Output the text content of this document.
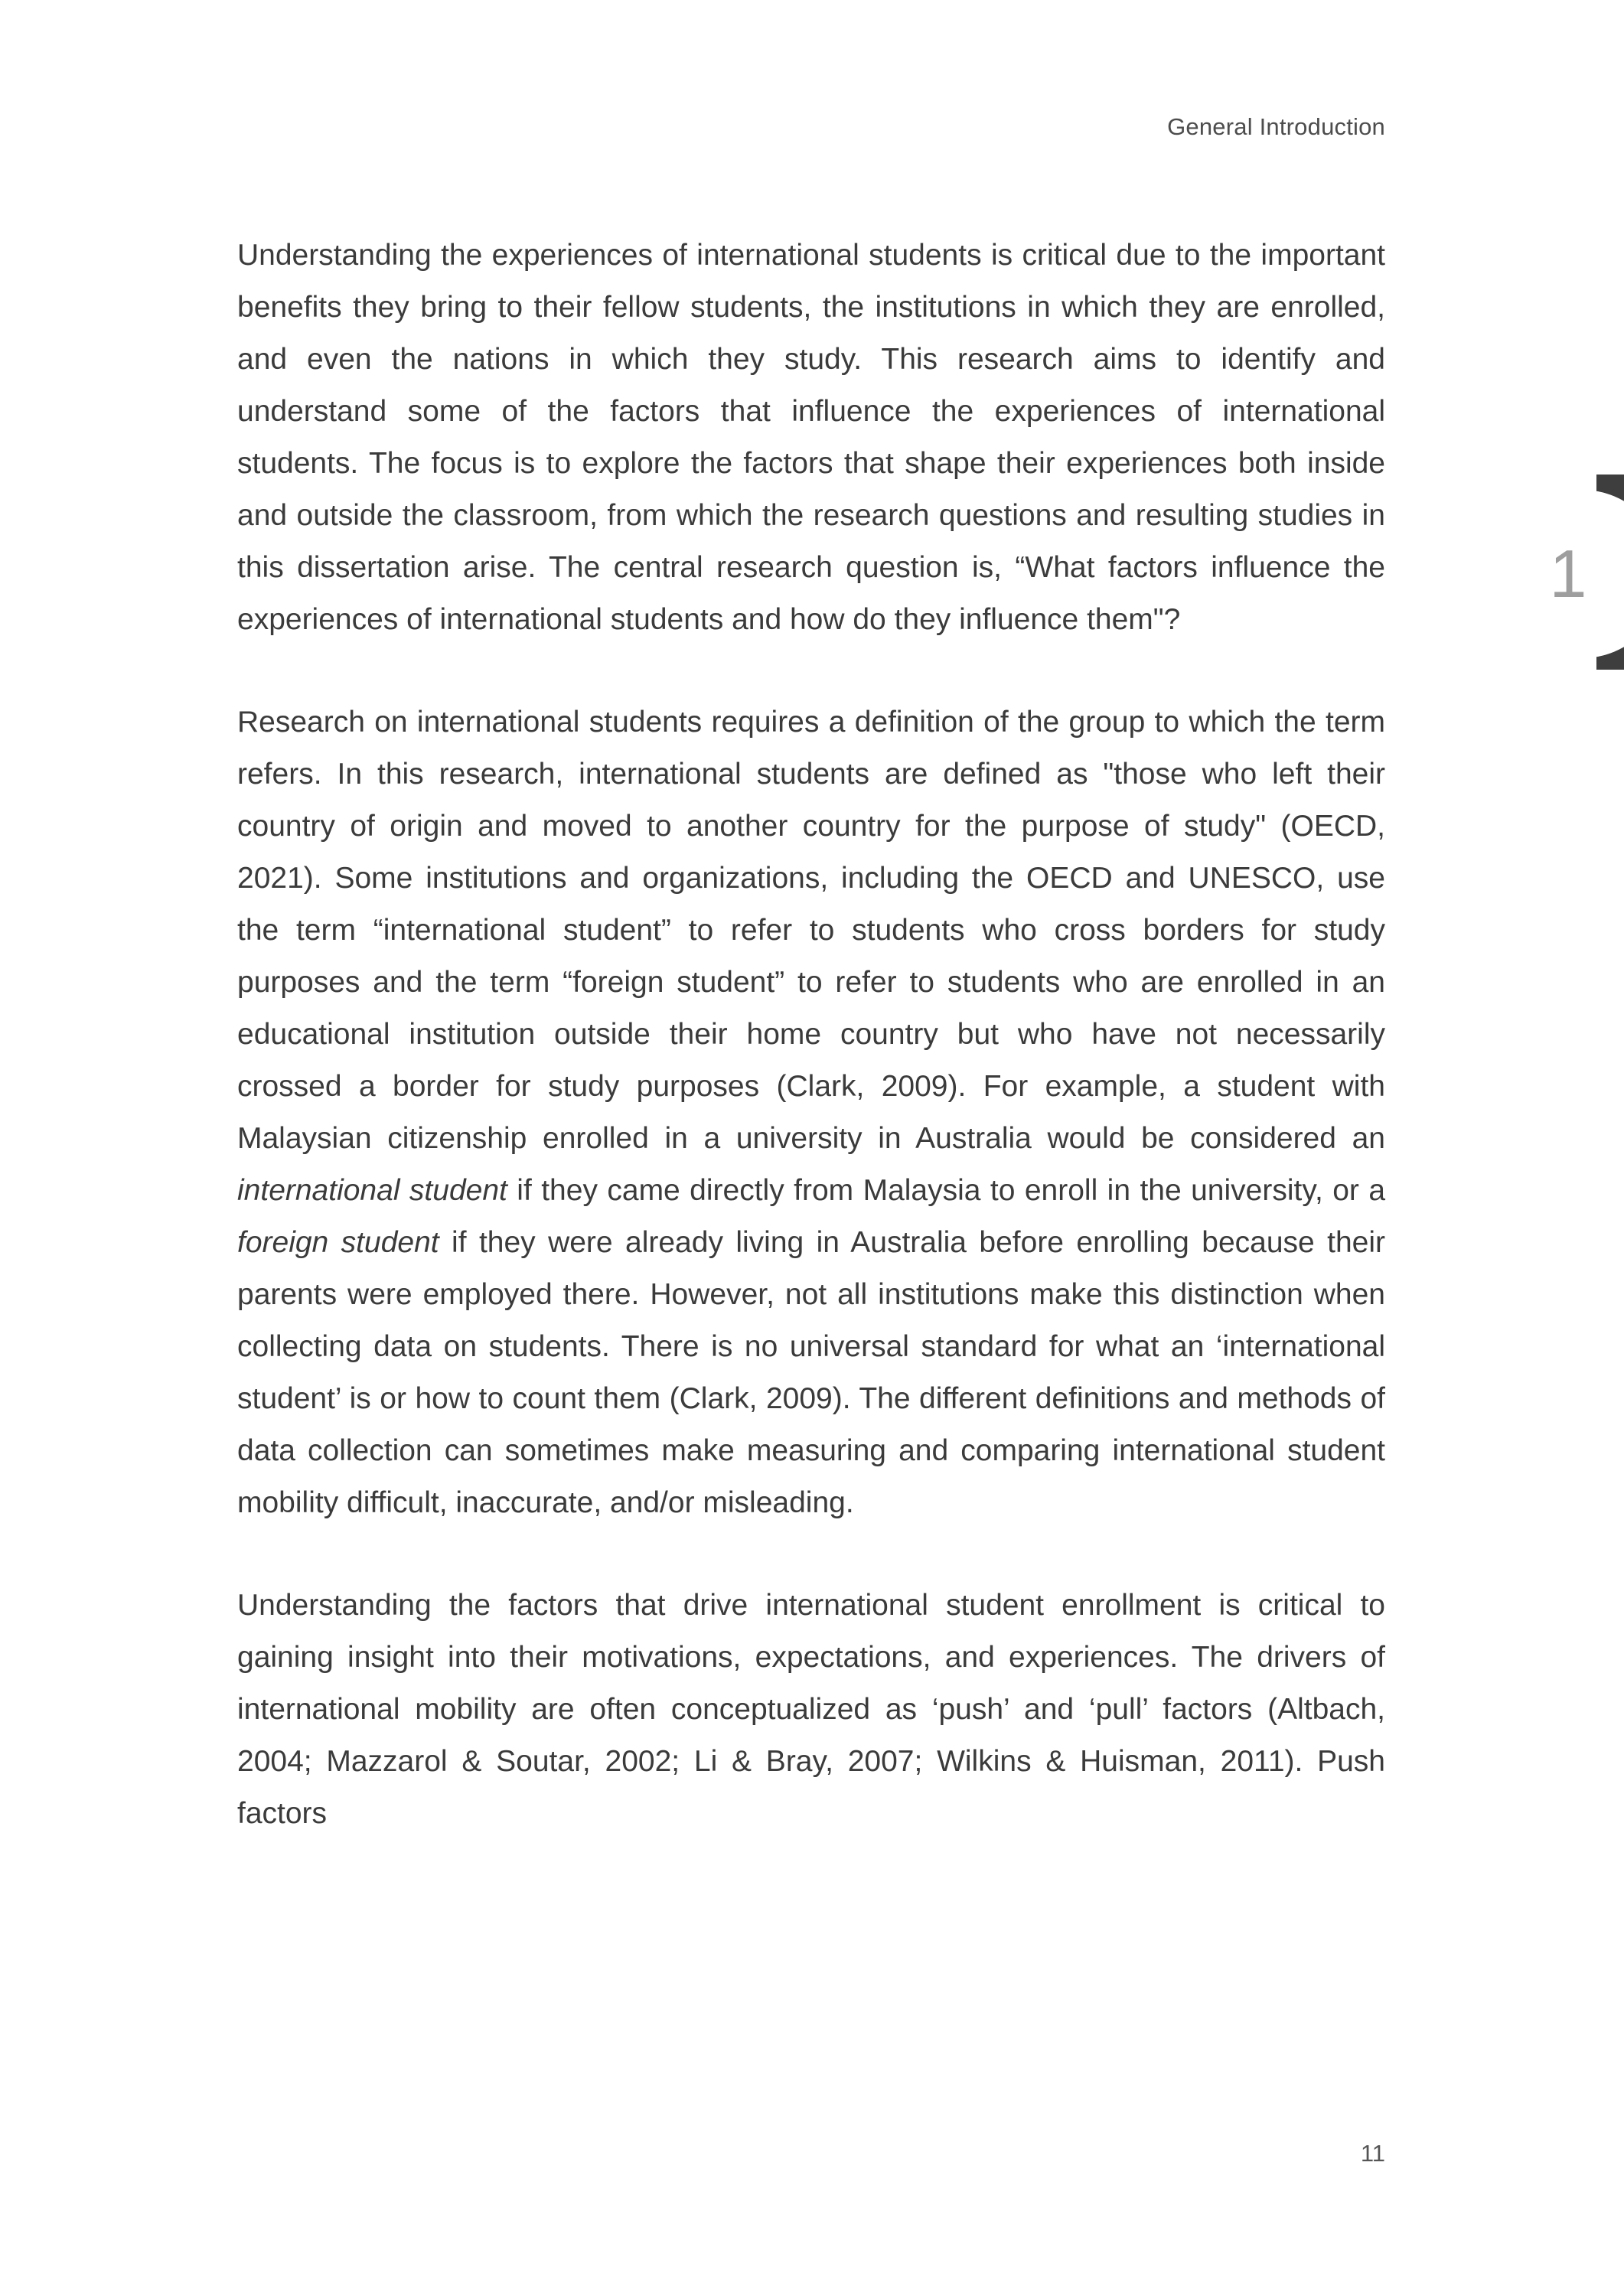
General Introduction
1

Understanding the experiences of international students is critical due to the important benefits they bring to their fellow students, the institutions in which they are enrolled, and even the nations in which they study. This research aims to identify and understand some of the factors that influence the experiences of international students. The focus is to explore the factors that shape their experiences both inside and outside the classroom, from which the research questions and resulting studies in this dissertation arise. The central research question is, “What factors influence the experiences of international students and how do they influence them"?

Research on international students requires a definition of the group to which the term refers. In this research, international students are defined as "those who left their country of origin and moved to another country for the purpose of study" (OECD, 2021). Some institutions and organizations, including the OECD and UNESCO, use the term “international student” to refer to students who cross borders for study purposes and the term “foreign student” to refer to students who are enrolled in an educational institution outside their home country but who have not necessarily crossed a border for study purposes (Clark, 2009). For example, a student with Malaysian citizenship enrolled in a university in Australia would be considered an international student if they came directly from Malaysia to enroll in the university, or a foreign student if they were already living in Australia before enrolling because their parents were employed there. However, not all institutions make this distinction when collecting data on students. There is no universal standard for what an ‘international student’ is or how to count them (Clark, 2009). The different definitions and methods of data collection can sometimes make measuring and comparing international student mobility difficult, inaccurate, and/or misleading.

Understanding the factors that drive international student enrollment is critical to gaining insight into their motivations, expectations, and experiences. The drivers of international mobility are often conceptualized as ‘push’ and ‘pull’ factors (Altbach, 2004; Mazzarol & Soutar, 2002; Li & Bray, 2007; Wilkins & Huisman, 2011). Push factors

11
